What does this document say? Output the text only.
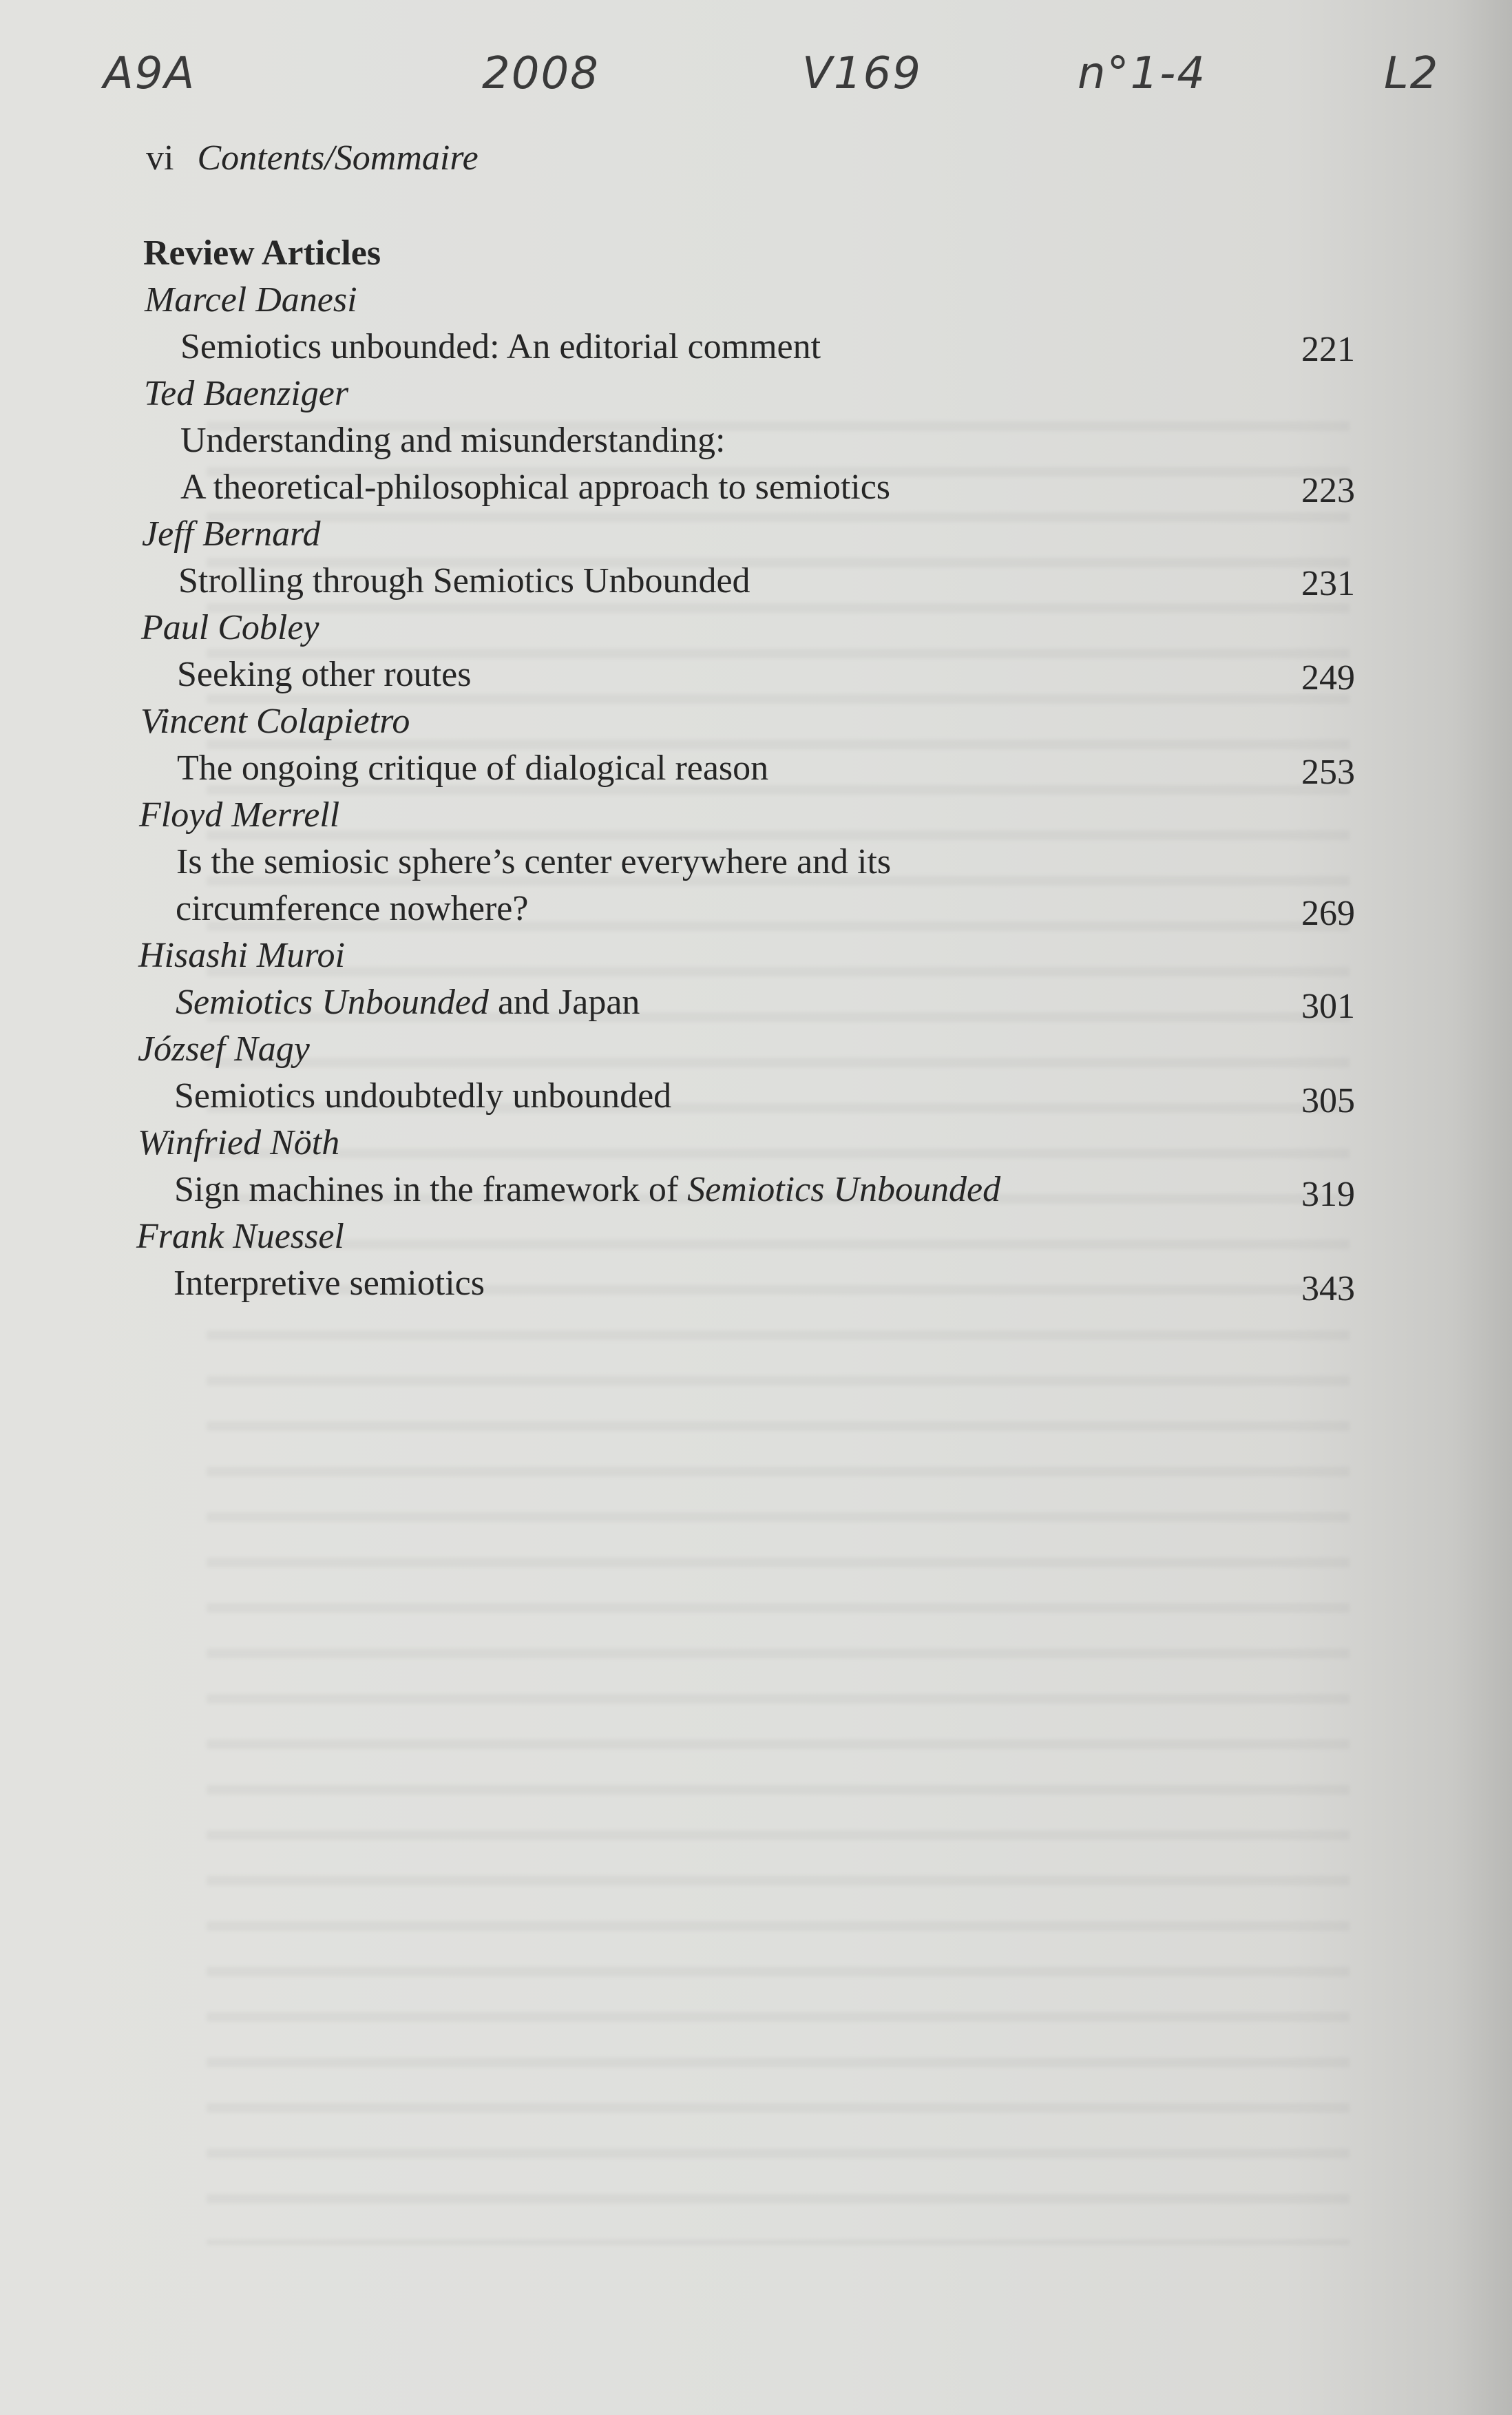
A9A	2008	V169	n°1-4	L2
vi Contents/Sommaire
Review Articles
Marcel Danesi
Semiotics unbounded: An editorial comment	221
Ted Baenziger
Understanding and misunderstanding:
A theoretical-philosophical approach to semiotics	223
Jeff Bernard
Strolling through Semiotics Unbounded	231
Paul Cobley
Seeking other routes	249
Vincent Colapietro
The ongoing critique of dialogical reason	253
Floyd Merrell
Is the semiosic sphere’s center everywhere and its
circumference nowhere?	269
Hisashi Muroi
Semiotics Unbounded and Japan	301
József Nagy
Semiotics undoubtedly unbounded	305
Winfried Nöth
Sign machines in the framework of Semiotics Unbounded	319
Frank Nuessel
Interpretive semiotics	343
